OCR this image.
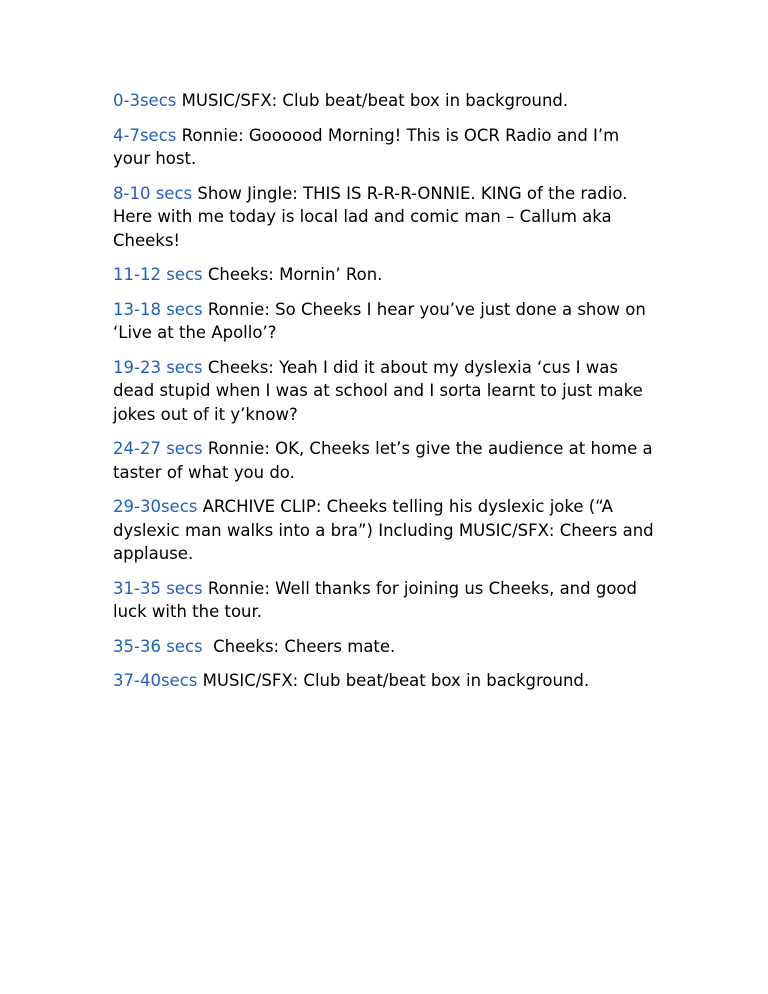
0-3secs MUSIC/SFX: Club beat/beat box in background.

4-7secs Ronnie: Goooood Morning! This is OCR Radio and I’m your host.

8-10 secs Show Jingle: THIS IS R-R-R-ONNIE. KING of the radio. Here with me today is local lad and comic man – Callum aka Cheeks!

11-12 secs Cheeks: Mornin’ Ron.

13-18 secs Ronnie: So Cheeks I hear you’ve just done a show on ‘Live at the Apollo’?

19-23 secs Cheeks: Yeah I did it about my dyslexia ‘cus I was dead stupid when I was at school and I sorta learnt to just make jokes out of it y’know?

24-27 secs Ronnie: OK, Cheeks let’s give the audience at home a taster of what you do.

29-30secs ARCHIVE CLIP: Cheeks telling his dyslexic joke (“A dyslexic man walks into a bra”) Including MUSIC/SFX: Cheers and applause.

31-35 secs Ronnie: Well thanks for joining us Cheeks, and good luck with the tour.

35-36 secs  Cheeks: Cheers mate.

37-40secs MUSIC/SFX: Club beat/beat box in background.
